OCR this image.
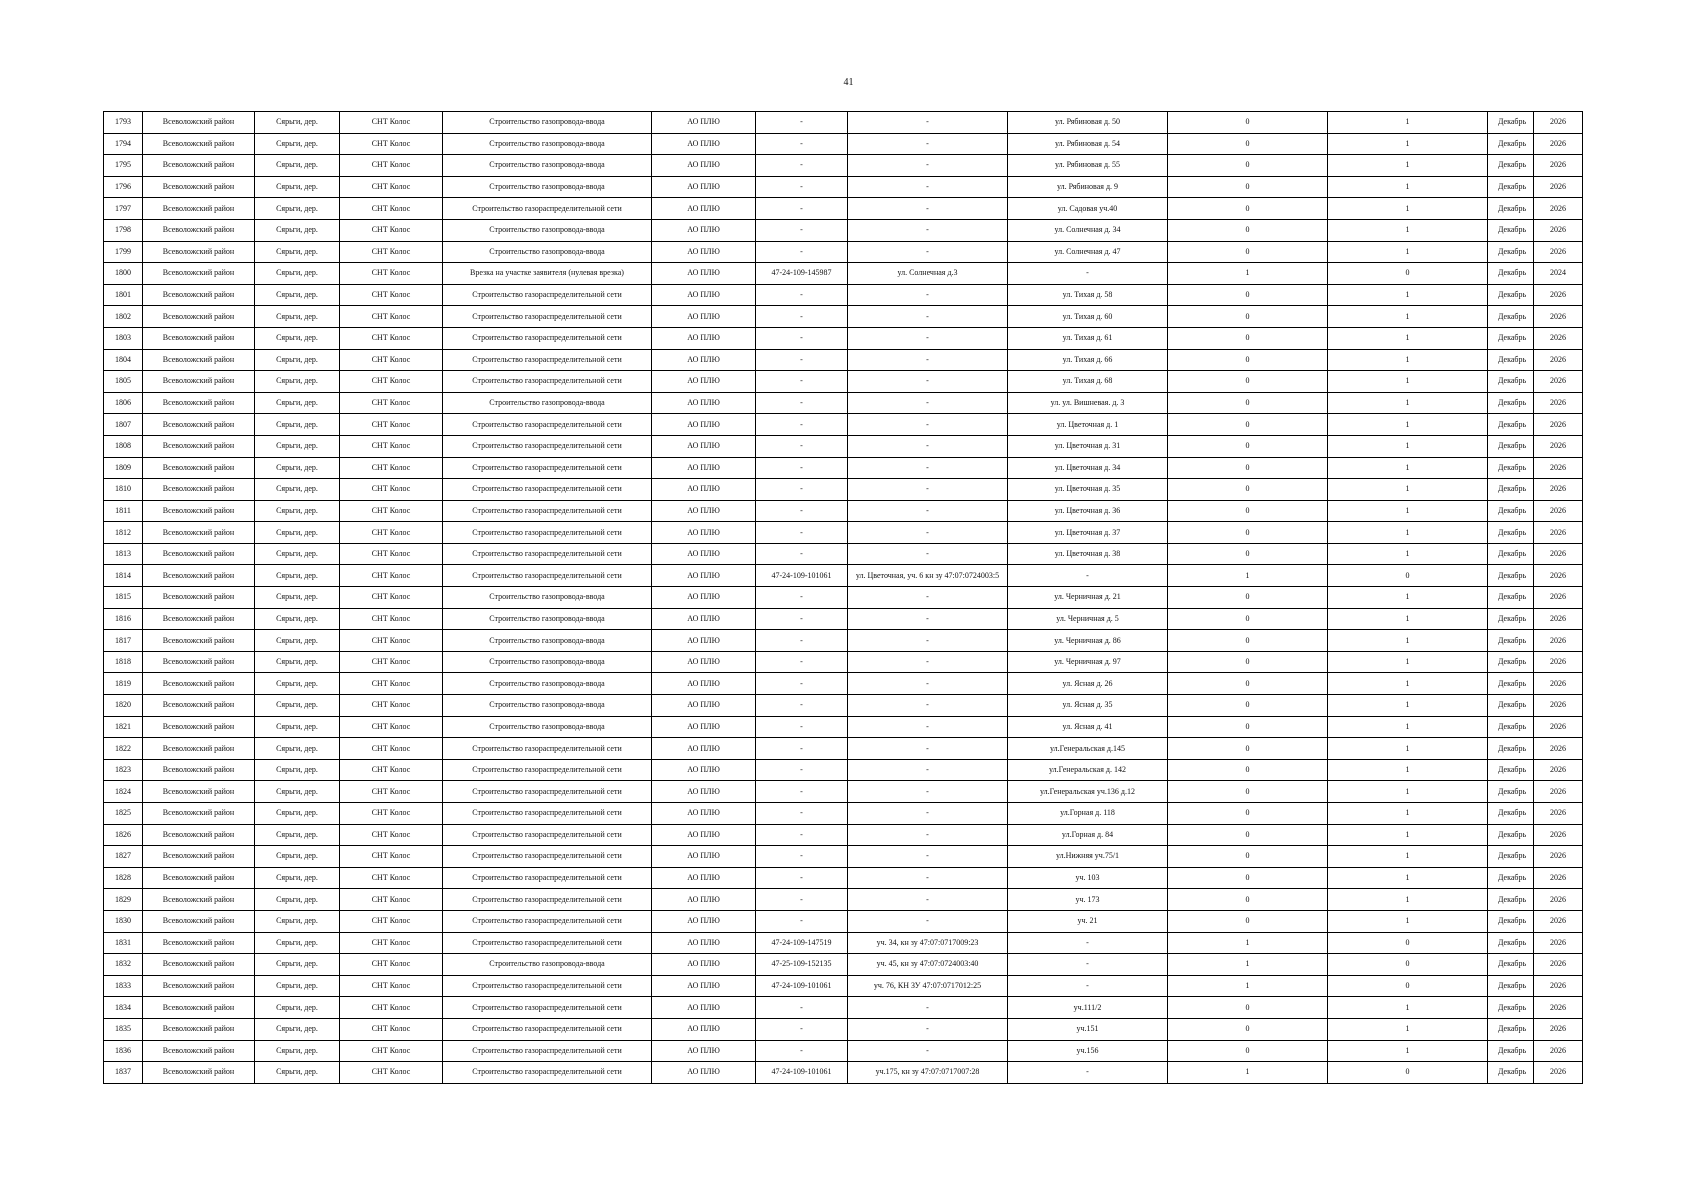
41
1793	Всеволожский район	Сярьги, дер.	СНТ Колос	Строительство газопровода-ввода	АО ПЛЮ	-	-	ул. Рябиновая д. 50	0	1	Декабрь	2026
1794	Всеволожский район	Сярьги, дер.	СНТ Колос	Строительство газопровода-ввода	АО ПЛЮ	-	-	ул. Рябиновая д. 54	0	1	Декабрь	2026
1795	Всеволожский район	Сярьги, дер.	СНТ Колос	Строительство газопровода-ввода	АО ПЛЮ	-	-	ул. Рябиновая д. 55	0	1	Декабрь	2026
1796	Всеволожский район	Сярьги, дер.	СНТ Колос	Строительство газопровода-ввода	АО ПЛЮ	-	-	ул. Рябиновая д. 9	0	1	Декабрь	2026
1797	Всеволожский район	Сярьги, дер.	СНТ Колос	Строительство газораспределительной сети	АО ПЛЮ	-	-	ул. Садовая уч.40	0	1	Декабрь	2026
1798	Всеволожский район	Сярьги, дер.	СНТ Колос	Строительство газопровода-ввода	АО ПЛЮ	-	-	ул. Солнечная д. 34	0	1	Декабрь	2026
1799	Всеволожский район	Сярьги, дер.	СНТ Колос	Строительство газопровода-ввода	АО ПЛЮ	-	-	ул. Солнечная д. 47	0	1	Декабрь	2026
1800	Всеволожский район	Сярьги, дер.	СНТ Колос	Врезка на участке заявителя (нулевая врезка)	АО ПЛЮ	47-24-109-145987	ул. Солнечная д.3	-	1	0	Декабрь	2024
1801	Всеволожский район	Сярьги, дер.	СНТ Колос	Строительство газораспределительной сети	АО ПЛЮ	-	-	ул. Тихая д. 58	0	1	Декабрь	2026
1802	Всеволожский район	Сярьги, дер.	СНТ Колос	Строительство газораспределительной сети	АО ПЛЮ	-	-	ул. Тихая д. 60	0	1	Декабрь	2026
1803	Всеволожский район	Сярьги, дер.	СНТ Колос	Строительство газораспределительной сети	АО ПЛЮ	-	-	ул. Тихая д. 61	0	1	Декабрь	2026
1804	Всеволожский район	Сярьги, дер.	СНТ Колос	Строительство газораспределительной сети	АО ПЛЮ	-	-	ул. Тихая д. 66	0	1	Декабрь	2026
1805	Всеволожский район	Сярьги, дер.	СНТ Колос	Строительство газораспределительной сети	АО ПЛЮ	-	-	ул. Тихая д. 68	0	1	Декабрь	2026
1806	Всеволожский район	Сярьги, дер.	СНТ Колос	Строительство газопровода-ввода	АО ПЛЮ	-	-	ул. ул. Вишневая. д. 3	0	1	Декабрь	2026
1807	Всеволожский район	Сярьги, дер.	СНТ Колос	Строительство газораспределительной сети	АО ПЛЮ	-	-	ул. Цветочная д. 1	0	1	Декабрь	2026
1808	Всеволожский район	Сярьги, дер.	СНТ Колос	Строительство газораспределительной сети	АО ПЛЮ	-	-	ул. Цветочная д. 31	0	1	Декабрь	2026
1809	Всеволожский район	Сярьги, дер.	СНТ Колос	Строительство газораспределительной сети	АО ПЛЮ	-	-	ул. Цветочная д. 34	0	1	Декабрь	2026
1810	Всеволожский район	Сярьги, дер.	СНТ Колос	Строительство газораспределительной сети	АО ПЛЮ	-	-	ул. Цветочная д. 35	0	1	Декабрь	2026
1811	Всеволожский район	Сярьги, дер.	СНТ Колос	Строительство газораспределительной сети	АО ПЛЮ	-	-	ул. Цветочная д. 36	0	1	Декабрь	2026
1812	Всеволожский район	Сярьги, дер.	СНТ Колос	Строительство газораспределительной сети	АО ПЛЮ	-	-	ул. Цветочная д. 37	0	1	Декабрь	2026
1813	Всеволожский район	Сярьги, дер.	СНТ Колос	Строительство газораспределительной сети	АО ПЛЮ	-	-	ул. Цветочная д. 38	0	1	Декабрь	2026
1814	Всеволожский район	Сярьги, дер.	СНТ Колос	Строительство газораспределительной сети	АО ПЛЮ	47-24-109-101061	ул. Цветочная, уч. 6 кн зу 47:07:0724003:5	-	1	0	Декабрь	2026
1815	Всеволожский район	Сярьги, дер.	СНТ Колос	Строительство газопровода-ввода	АО ПЛЮ	-	-	ул. Черничная д. 21	0	1	Декабрь	2026
1816	Всеволожский район	Сярьги, дер.	СНТ Колос	Строительство газопровода-ввода	АО ПЛЮ	-	-	ул. Черничная д. 5	0	1	Декабрь	2026
1817	Всеволожский район	Сярьги, дер.	СНТ Колос	Строительство газопровода-ввода	АО ПЛЮ	-	-	ул. Черничная д. 86	0	1	Декабрь	2026
1818	Всеволожский район	Сярьги, дер.	СНТ Колос	Строительство газопровода-ввода	АО ПЛЮ	-	-	ул. Черничная д. 97	0	1	Декабрь	2026
1819	Всеволожский район	Сярьги, дер.	СНТ Колос	Строительство газопровода-ввода	АО ПЛЮ	-	-	ул. Ясная д. 26	0	1	Декабрь	2026
1820	Всеволожский район	Сярьги, дер.	СНТ Колос	Строительство газопровода-ввода	АО ПЛЮ	-	-	ул. Ясная д. 35	0	1	Декабрь	2026
1821	Всеволожский район	Сярьги, дер.	СНТ Колос	Строительство газопровода-ввода	АО ПЛЮ	-	-	ул. Ясная д. 41	0	1	Декабрь	2026
1822	Всеволожский район	Сярьги, дер.	СНТ Колос	Строительство газораспределительной сети	АО ПЛЮ	-	-	ул.Генеральская д.145	0	1	Декабрь	2026
1823	Всеволожский район	Сярьги, дер.	СНТ Колос	Строительство газораспределительной сети	АО ПЛЮ	-	-	ул.Генеральская д. 142	0	1	Декабрь	2026
1824	Всеволожский район	Сярьги, дер.	СНТ Колос	Строительство газораспределительной сети	АО ПЛЮ	-	-	ул.Генеральская уч.136 д.12	0	1	Декабрь	2026
1825	Всеволожский район	Сярьги, дер.	СНТ Колос	Строительство газораспределительной сети	АО ПЛЮ	-	-	ул.Горная д. 118	0	1	Декабрь	2026
1826	Всеволожский район	Сярьги, дер.	СНТ Колос	Строительство газораспределительной сети	АО ПЛЮ	-	-	ул.Горная д. 84	0	1	Декабрь	2026
1827	Всеволожский район	Сярьги, дер.	СНТ Колос	Строительство газораспределительной сети	АО ПЛЮ	-	-	ул.Нижняя уч.75/1	0	1	Декабрь	2026
1828	Всеволожский район	Сярьги, дер.	СНТ Колос	Строительство газораспределительной сети	АО ПЛЮ	-	-	уч. 103	0	1	Декабрь	2026
1829	Всеволожский район	Сярьги, дер.	СНТ Колос	Строительство газораспределительной сети	АО ПЛЮ	-	-	уч. 173	0	1	Декабрь	2026
1830	Всеволожский район	Сярьги, дер.	СНТ Колос	Строительство газораспределительной сети	АО ПЛЮ	-	-	уч. 21	0	1	Декабрь	2026
1831	Всеволожский район	Сярьги, дер.	СНТ Колос	Строительство газораспределительной сети	АО ПЛЮ	47-24-109-147519	уч. 34, кн зу 47:07:0717009:23	-	1	0	Декабрь	2026
1832	Всеволожский район	Сярьги, дер.	СНТ Колос	Строительство газопровода-ввода	АО ПЛЮ	47-25-109-152135	уч. 45, кн зу 47:07:0724003:40	-	1	0	Декабрь	2026
1833	Всеволожский район	Сярьги, дер.	СНТ Колос	Строительство газораспределительной сети	АО ПЛЮ	47-24-109-101061	уч. 76, КН ЗУ 47:07:0717012:25	-	1	0	Декабрь	2026
1834	Всеволожский район	Сярьги, дер.	СНТ Колос	Строительство газораспределительной сети	АО ПЛЮ	-	-	уч.111/2	0	1	Декабрь	2026
1835	Всеволожский район	Сярьги, дер.	СНТ Колос	Строительство газораспределительной сети	АО ПЛЮ	-	-	уч.151	0	1	Декабрь	2026
1836	Всеволожский район	Сярьги, дер.	СНТ Колос	Строительство газораспределительной сети	АО ПЛЮ	-	-	уч.156	0	1	Декабрь	2026
1837	Всеволожский район	Сярьги, дер.	СНТ Колос	Строительство газораспределительной сети	АО ПЛЮ	47-24-109-101061	уч.175, кн зу 47:07:0717007:28	-	1	0	Декабрь	2026
